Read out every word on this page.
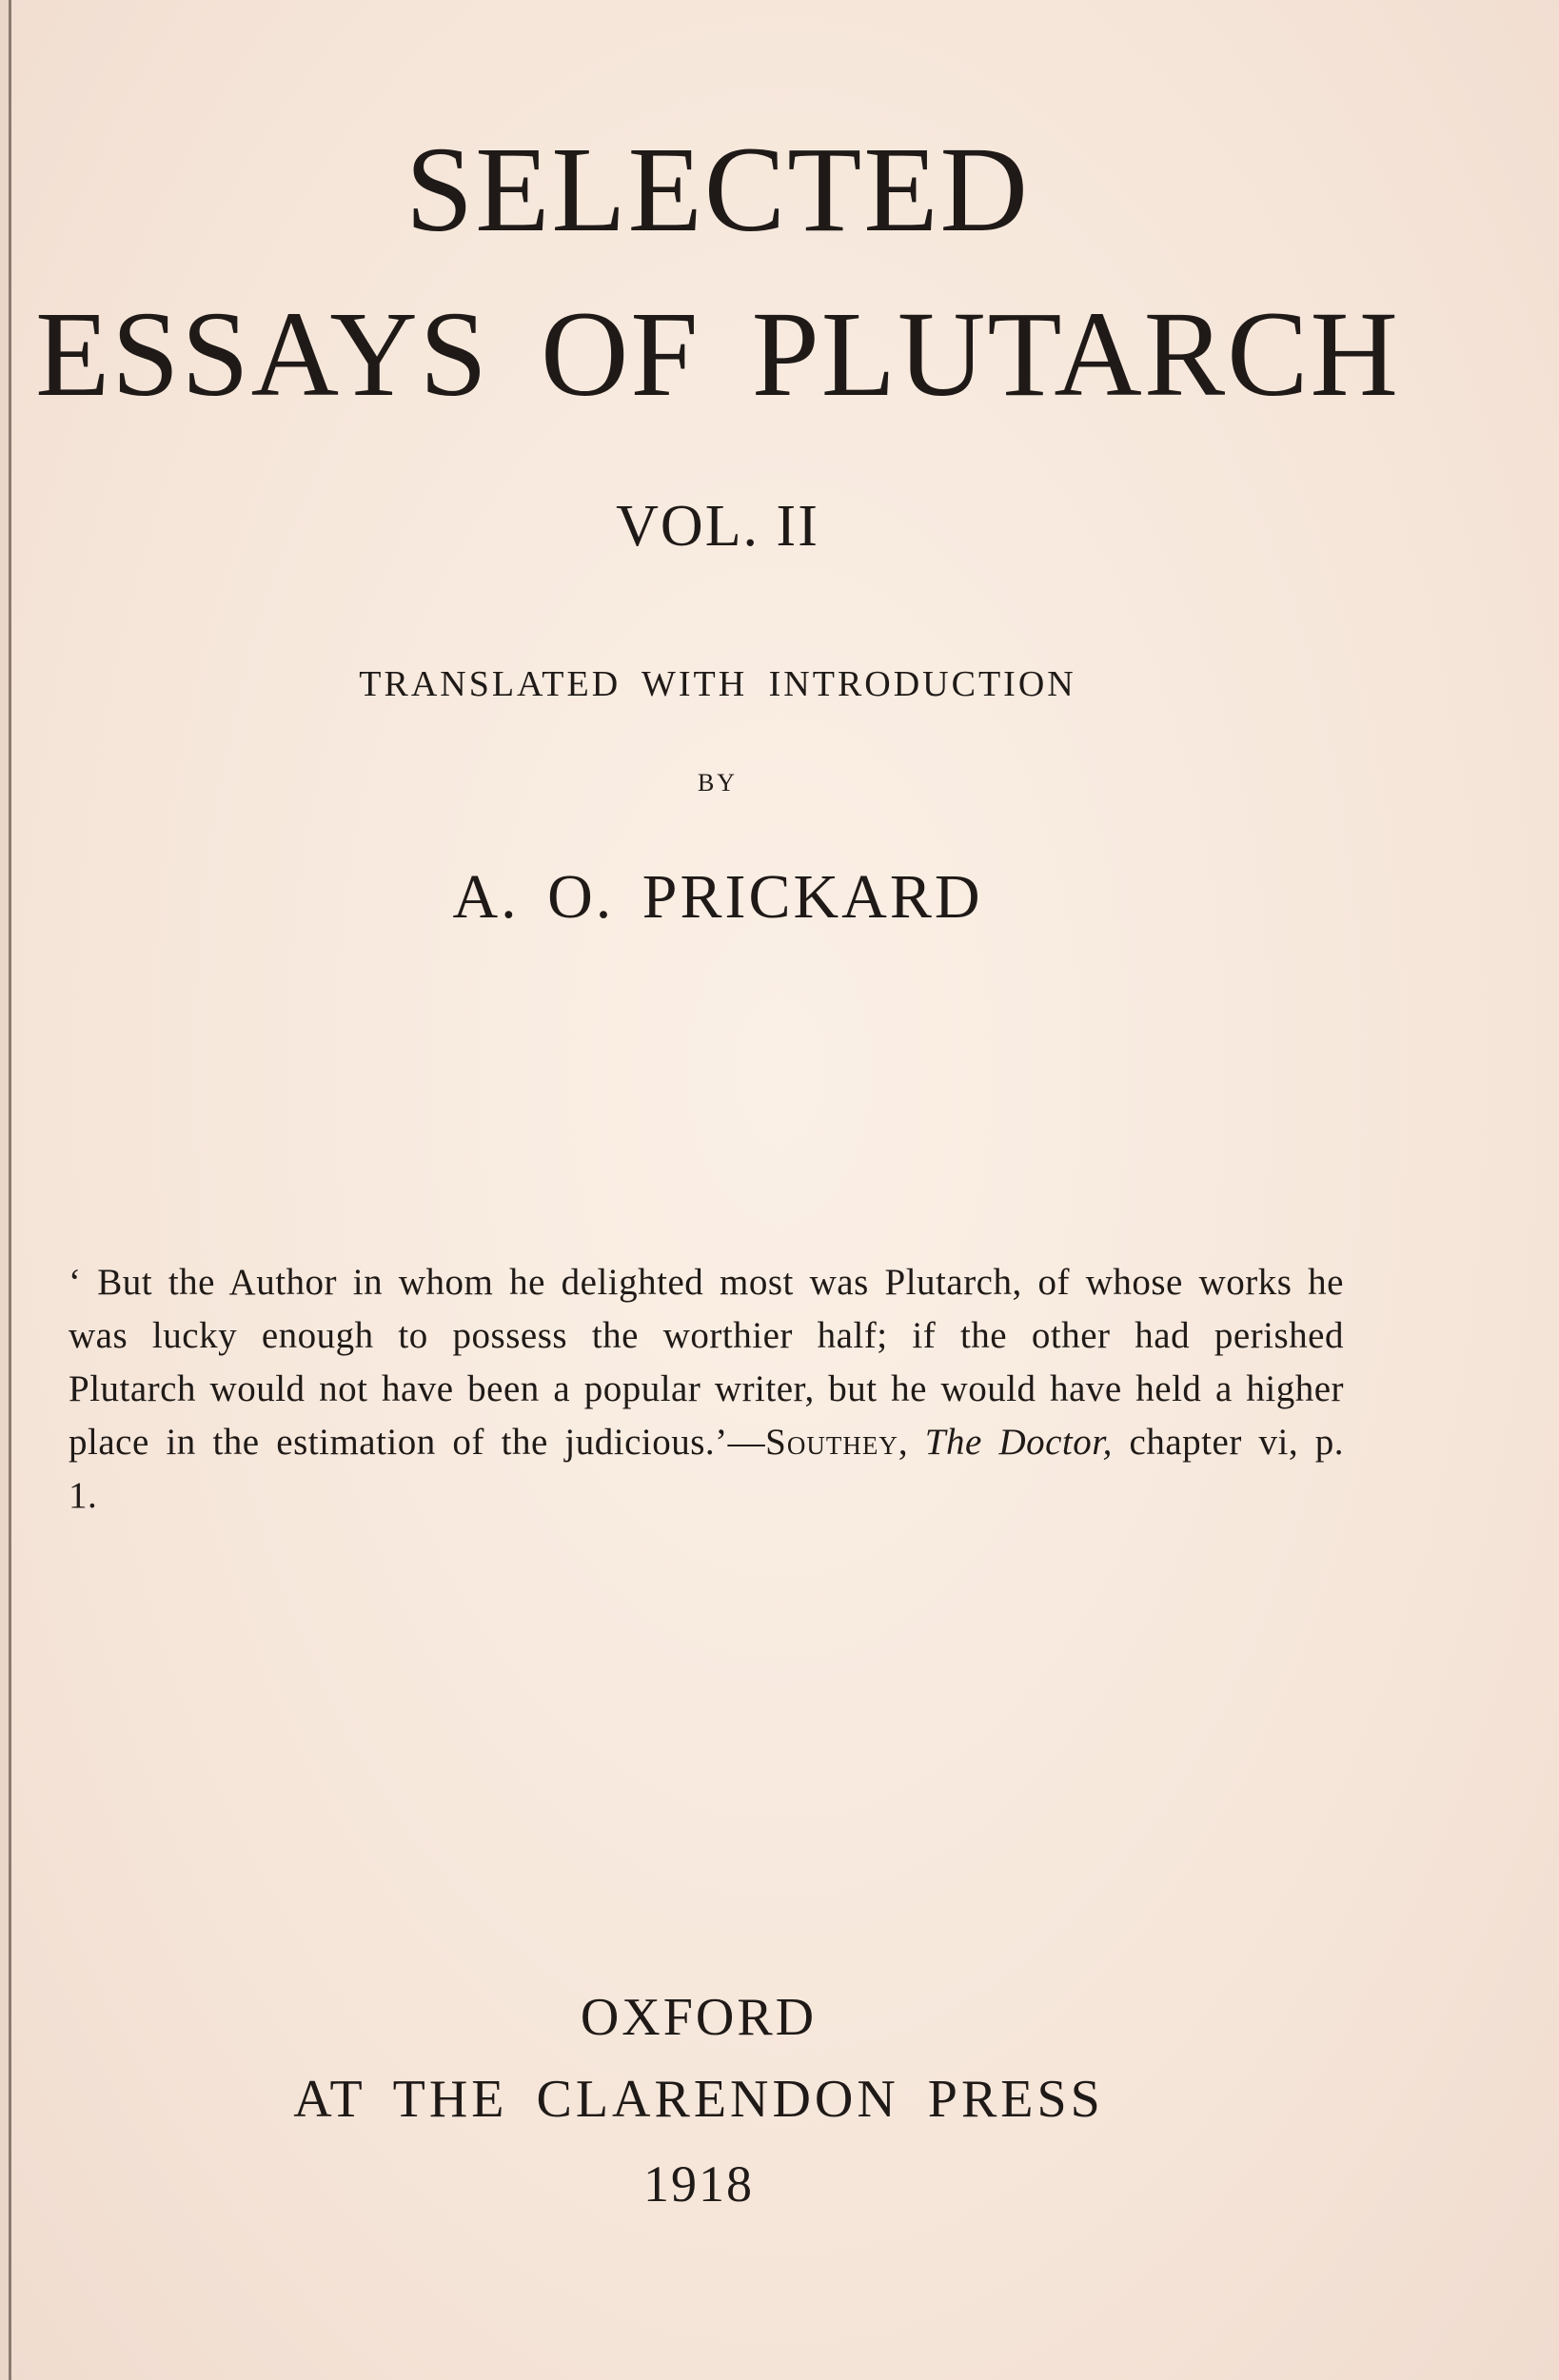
SELECTED
ESSAYS OF PLUTARCH
VOL. II
TRANSLATED WITH INTRODUCTION
BY
A. O. PRICKARD
‘ But the Author in whom he delighted most was Plutarch, of whose works he was lucky enough to possess the worthier half; if the other had perished Plutarch would not have been a popular writer, but he would have held a higher place in the estimation of the judicious.’—Southey, The Doctor, chapter vi, p. 1.
OXFORD
AT THE CLARENDON PRESS
1918
